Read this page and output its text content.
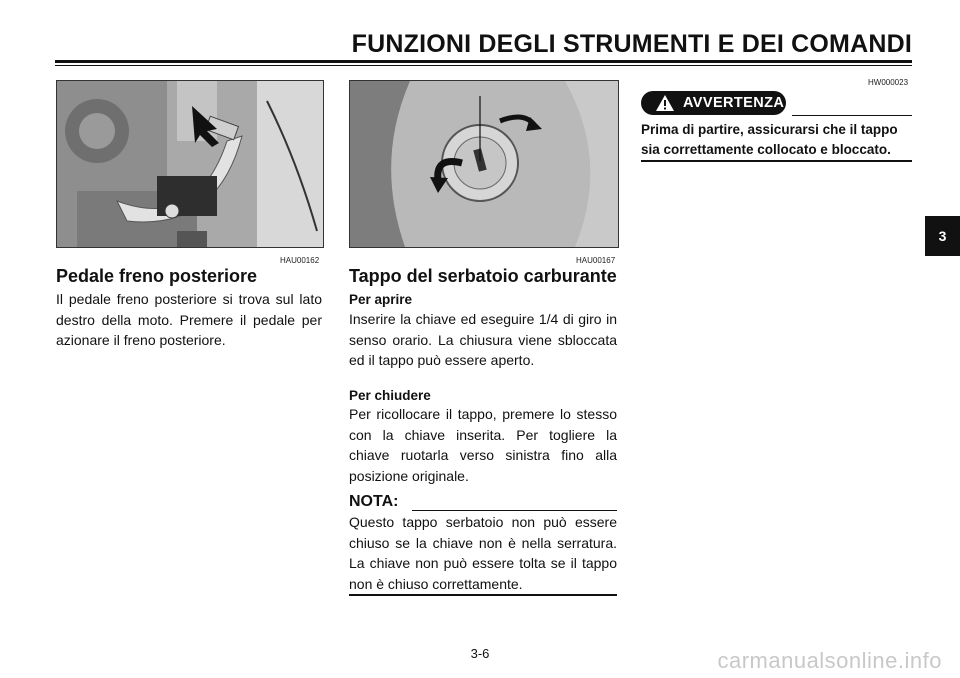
FUNZIONI DEGLI STRUMENTI E DEI COMANDI
HAU00162
Pedale freno posteriore

Il pedale freno posteriore si trova sul lato destro della moto. Premere il pedale per azionare il freno posteriore.

HAU00167
Tappo del serbatoio carburante
Per aprire

Inserire la chiave ed eseguire 1/4 di giro in senso orario. La chiusura viene sbloccata ed il tappo può essere aperto.

Per chiudere

Per ricollocare il tappo, premere lo stesso con la chiave inserita. Per togliere la chiave ruotarla verso sinistra fino alla posizione originale.

NOTA:

Questo tappo serbatoio non può essere chiuso se la chiave non è nella serratura. La chiave non può essere tolta se il tappo non è chiuso correttamente.

HW000023
AVVERTENZA

Prima di partire, assicurarsi che il tappo sia correttamente collocato e bloccato.

3
3-6	carmanualsonline.info
